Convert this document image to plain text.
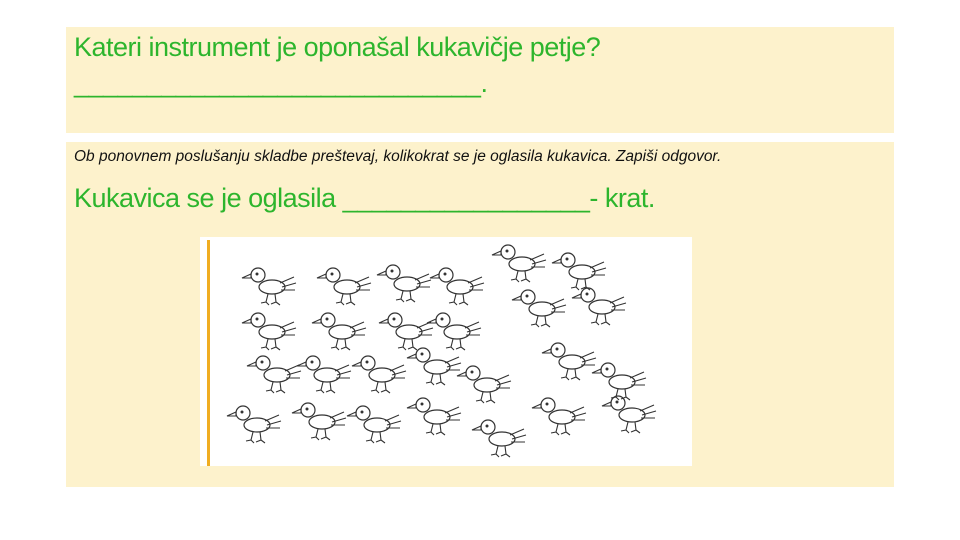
Kateri instrument je oponašal kukavičje petje?
____________________________.
Ob ponovnem poslušanju skladbe preštevaj, kolikokrat se je oglasila kukavica. Zapiši odgovor.
Kukavica se je oglasila _________________- krat.
